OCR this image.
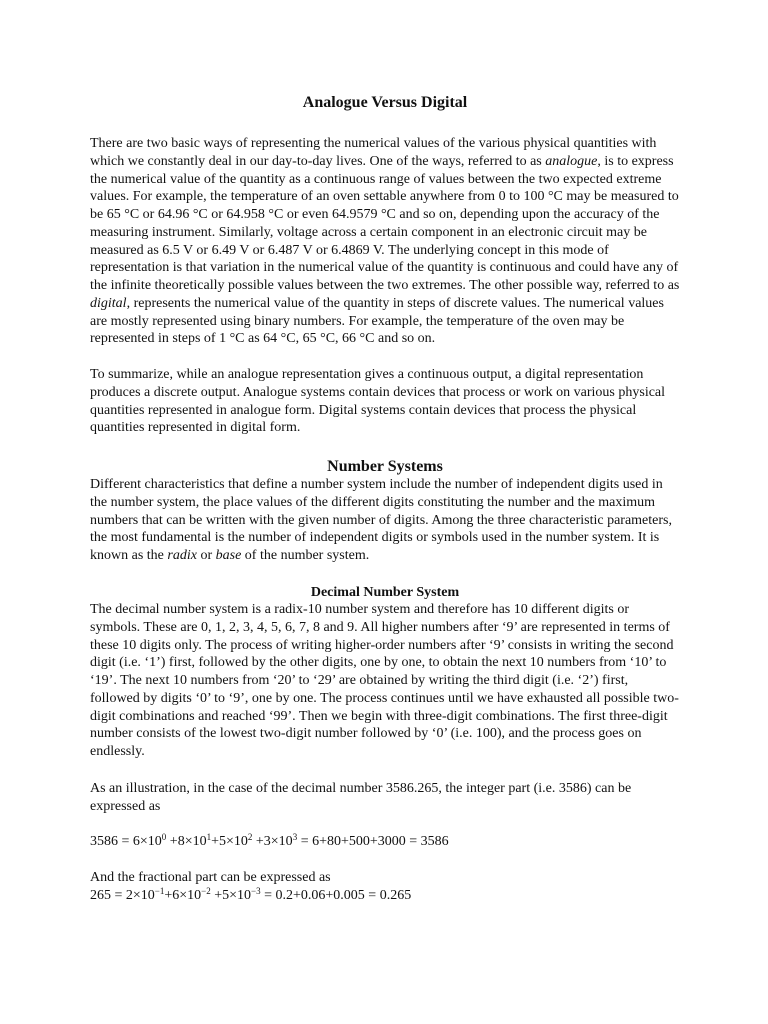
Analogue Versus Digital

There are two basic ways of representing the numerical values of the various physical quantities with which we constantly deal in our day-to-day lives. One of the ways, referred to as analogue, is to express the numerical value of the quantity as a continuous range of values between the two expected extreme values. For example, the temperature of an oven settable anywhere from 0 to 100 °C may be measured to be 65 °C or 64.96 °C or 64.958 °C or even 64.9579 °C and so on, depending upon the accuracy of the measuring instrument. Similarly, voltage across a certain component in an electronic circuit may be measured as 6.5 V or 6.49 V or 6.487 V or 6.4869 V. The underlying concept in this mode of representation is that variation in the numerical value of the quantity is continuous and could have any of the infinite theoretically possible values between the two extremes. The other possible way, referred to as digital, represents the numerical value of the quantity in steps of discrete values. The numerical values are mostly represented using binary numbers. For example, the temperature of the oven may be represented in steps of 1 °C as 64 °C, 65 °C, 66 °C and so on.

To summarize, while an analogue representation gives a continuous output, a digital representation produces a discrete output. Analogue systems contain devices that process or work on various physical quantities represented in analogue form. Digital systems contain devices that process the physical quantities represented in digital form.

Number Systems

Different characteristics that define a number system include the number of independent digits used in the number system, the place values of the different digits constituting the number and the maximum numbers that can be written with the given number of digits. Among the three characteristic parameters, the most fundamental is the number of independent digits or symbols used in the number system. It is known as the radix or base of the number system.

Decimal Number System

The decimal number system is a radix-10 number system and therefore has 10 different digits or symbols. These are 0, 1, 2, 3, 4, 5, 6, 7, 8 and 9. All higher numbers after ‘9’ are represented in terms of these 10 digits only. The process of writing higher-order numbers after ‘9’ consists in writing the second digit (i.e. ‘1’) first, followed by the other digits, one by one, to obtain the next 10 numbers from ‘10’ to ‘19’. The next 10 numbers from ‘20’ to ‘29’ are obtained by writing the third digit (i.e. ‘2’) first, followed by digits ‘0’ to ‘9’, one by one. The process continues until we have exhausted all possible two-digit combinations and reached ‘99’. Then we begin with three-digit combinations. The first three-digit number consists of the lowest two-digit number followed by ‘0’ (i.e. 100), and the process goes on endlessly.

As an illustration, in the case of the decimal number 3586.265, the integer part (i.e. 3586) can be expressed as

$3586 = 6\times 10^0 +8\times 10^1+5\times 10^2 +3\times 10^3 = 6+80+500+3000 = 3586$

And the fractional part can be expressed as

$265 = 2\times 10^{-1}+6\times 10^{-2} +5\times 10^{-3} = 0.2+0.06+0.005 = 0.265$
